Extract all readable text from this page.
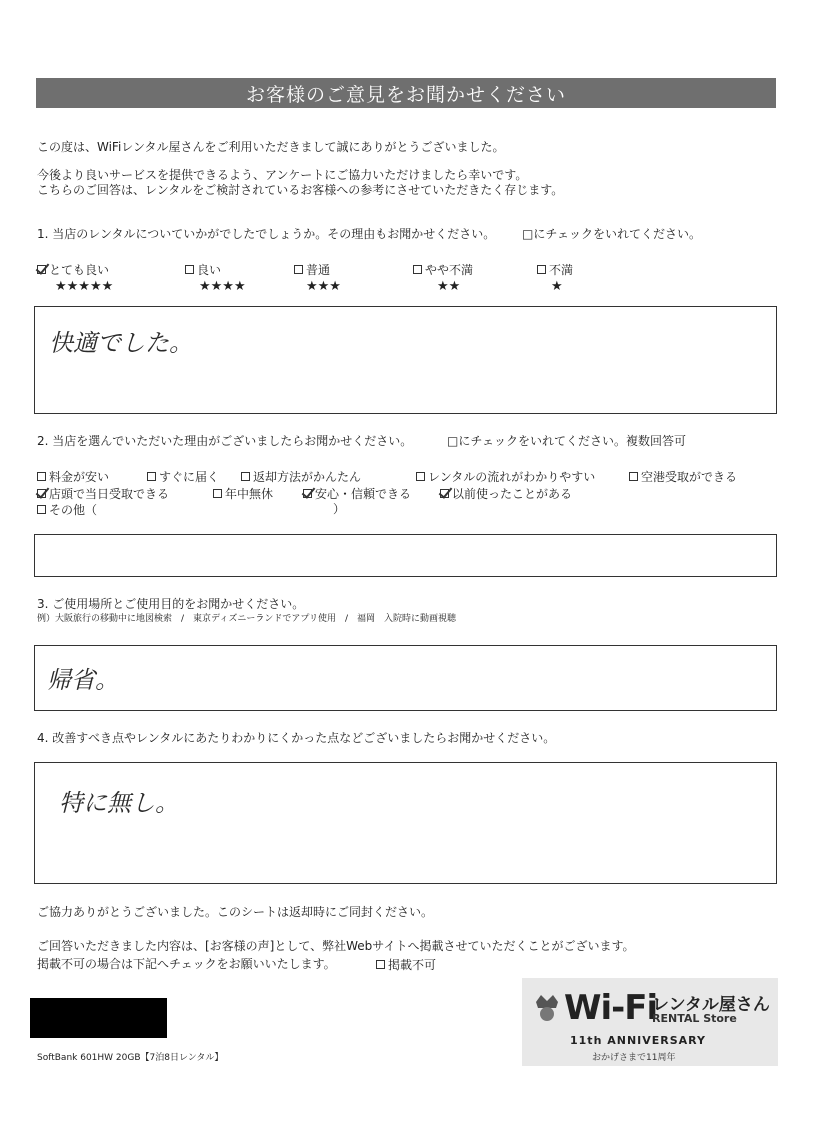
お客様のご意見をお聞かせください
この度は、WiFiレンタル屋さんをご利用いただきまして誠にありがとうございました。
今後より良いサービスを提供できるよう、アンケートにご協力いただけましたら幸いです。
こちらのご回答は、レンタルをご検討されているお客様への参考にさせていただきたく存じます。
1. 当店のレンタルについていかがでしたでしょうか。その理由もお聞かせください。 □にチェックをいれてください。
とても良い
★★★★★
良い
★★★★
普通
★★★
やや不満
★★
不満
★
快適でした。
2. 当店を選んでいただいた理由がございましたらお聞かせください。	□にチェックをいれてください。複数回答可
料金が安い	すぐに届く	返却方法がかんたん	レンタルの流れがわかりやすい	空港受取ができる
店頭で当日受取できる	年中無休	安心・信頼できる	以前使ったことがある
その他（	）
3. ご使用場所とご使用目的をお聞かせください。
例）大阪旅行の移動中に地図検索　/　東京ディズニーランドでアプリ使用　/　福岡　入院時に動画視聴
帰省。
4. 改善すべき点やレンタルにあたりわかりにくかった点などございましたらお聞かせください。
特に無し。
ご協力ありがとうございました。このシートは返却時にご同封ください。
ご回答いただきました内容は、[お客様の声]として、弊社Webサイトへ掲載させていただくことがございます。
掲載不可の場合は下記へチェックをお願いいたします。	掲載不可
SoftBank 601HW 20GB【7泊8日レンタル】
Wi-Fi
レンタル屋さん
RENTAL Store
11th ANNIVERSARY
おかげさまで11周年
